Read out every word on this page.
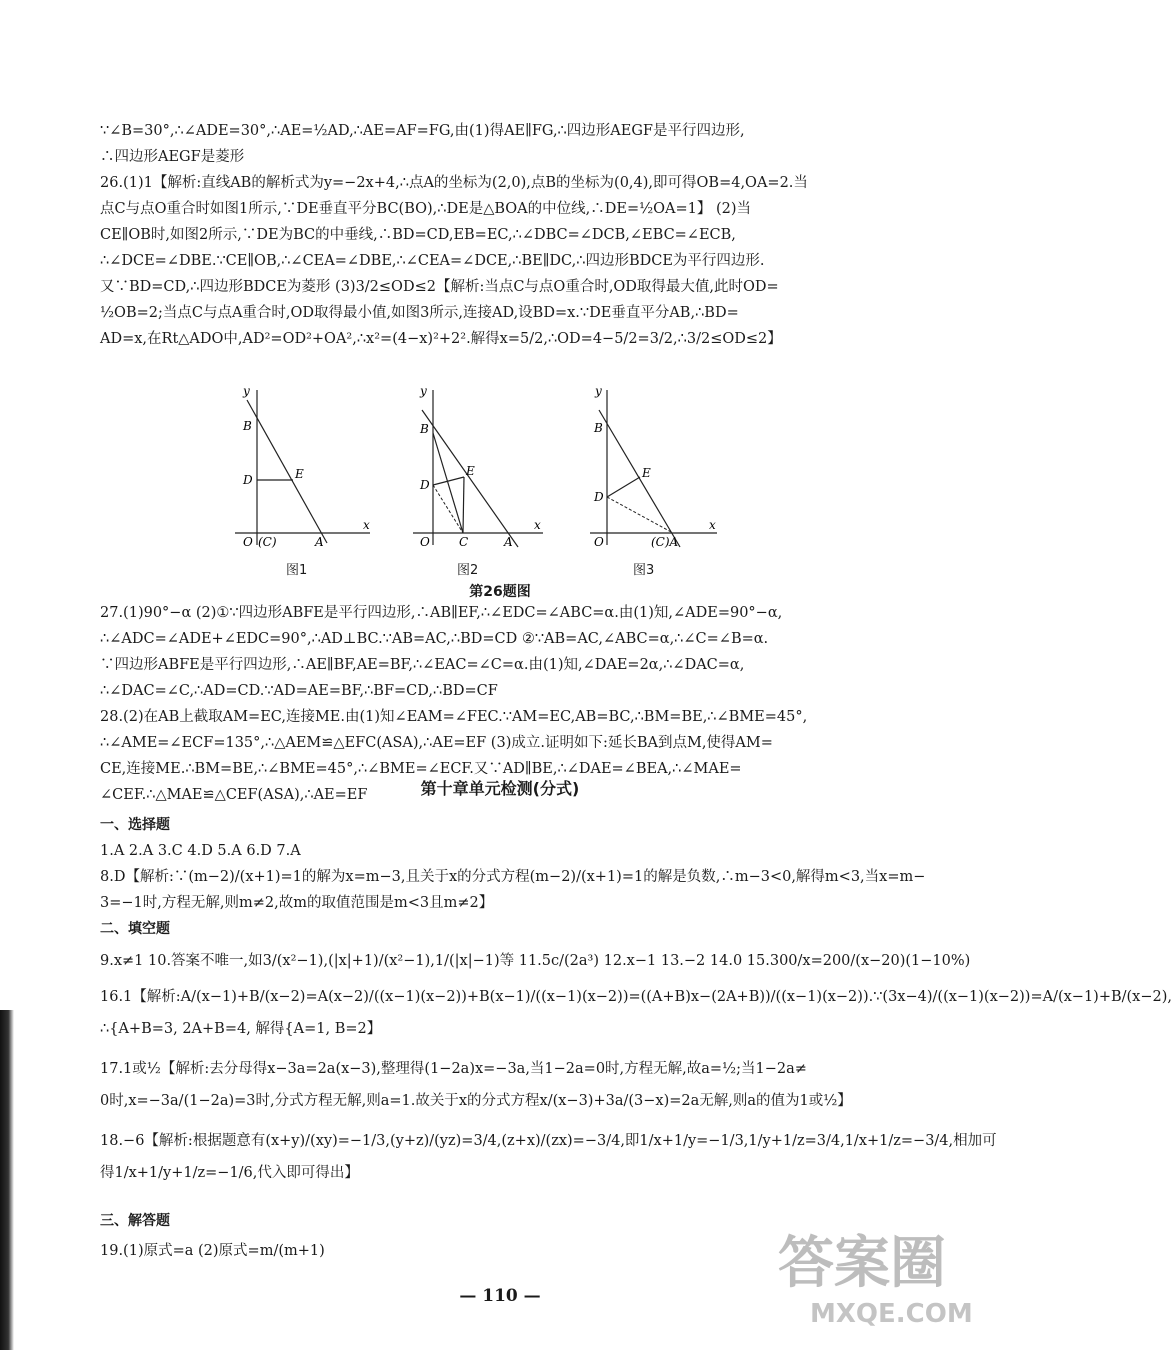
∵∠B=30°,∴∠ADE=30°,∴AE=½AD,∴AE=AF=FG,由(1)得AE∥FG,∴四边形AEGF是平行四边形,
∴四边形AEGF是菱形
26.(1)1【解析:直线AB的解析式为y=−2x+4,∴点A的坐标为(2,0),点B的坐标为(0,4),即可得OB=4,OA=2.当
点C与点O重合时如图1所示,∵DE垂直平分BC(BO),∴DE是△BOA的中位线,∴DE=½OA=1】 (2)当
CE∥OB时,如图2所示,∵DE为BC的中垂线,∴BD=CD,EB=EC,∴∠DBC=∠DCB,∠EBC=∠ECB,
∴∠DCE=∠DBE.∵CE∥OB,∴∠CEA=∠DBE,∴∠CEA=∠DCE,∴BE∥DC,∴四边形BDCE为平行四边形.
又∵BD=CD,∴四边形BDCE为菱形 (3)3/2≤OD≤2【解析:当点C与点O重合时,OD取得最大值,此时OD=
½OB=2;当点C与点A重合时,OD取得最小值,如图3所示,连接AD,设BD=x.∵DE垂直平分AB,∴BD=
AD=x,在Rt△ADO中,AD²=OD²+OA²,∴x²=(4−x)²+2².解得x=5/2,∴OD=4−5/2=3/2,∴3/2≤OD≤2】
y
x
B
D	E
O (C)	A
图1
y
x
B
D
E
O C	A
图2
y
x
B
D
E
O	(C)A
图3
第26题图
27.(1)90°−α (2)①∵四边形ABFE是平行四边形,∴AB∥EF,∴∠EDC=∠ABC=α.由(1)知,∠ADE=90°−α,
∴∠ADC=∠ADE+∠EDC=90°,∴AD⊥BC.∵AB=AC,∴BD=CD ②∵AB=AC,∠ABC=α,∴∠C=∠B=α.
∵四边形ABFE是平行四边形,∴AE∥BF,AE=BF,∴∠EAC=∠C=α.由(1)知,∠DAE=2α,∴∠DAC=α,
∴∠DAC=∠C,∴AD=CD.∵AD=AE=BF,∴BF=CD,∴BD=CF
28.(2)在AB上截取AM=EC,连接ME.由(1)知∠EAM=∠FEC.∵AM=EC,AB=BC,∴BM=BE,∴∠BME=45°,
∴∠AME=∠ECF=135°,∴△AEM≌△EFC(ASA),∴AE=EF (3)成立.证明如下:延长BA到点M,使得AM=
CE,连接ME.∴BM=BE,∴∠BME=45°,∴∠BME=∠ECF.又∵AD∥BE,∴∠DAE=∠BEA,∴∠MAE=
∠CEF.∴△MAE≌△CEF(ASA),∴AE=EF	第十章单元检测(分式)
一、选择题
1.A 2.A 3.C 4.D 5.A 6.D 7.A
8.D【解析:∵(m−2)/(x+1)=1的解为x=m−3,且关于x的分式方程(m−2)/(x+1)=1的解是负数,∴m−3<0,解得m<3,当x=m−
3=−1时,方程无解,则m≠2,故m的取值范围是m<3且m≠2】
二、填空题
9.x≠1 10.答案不唯一,如3/(x²−1),(|x|+1)/(x²−1),1/(|x|−1)等 11.5c/(2a³) 12.x−1 13.−2 14.0 15.300/x=200/(x−20)(1−10%)
16.1【解析:A/(x−1)+B/(x−2)=A(x−2)/((x−1)(x−2))+B(x−1)/((x−1)(x−2))=((A+B)x−(2A+B))/((x−1)(x−2)).∵(3x−4)/((x−1)(x−2))=A/(x−1)+B/(x−2),
∴{A+B=3, 2A+B=4, 解得{A=1, B=2】
17.1或½【解析:去分母得x−3a=2a(x−3),整理得(1−2a)x=−3a,当1−2a=0时,方程无解,故a=½;当1−2a≠
0时,x=−3a/(1−2a)=3时,分式方程无解,则a=1.故关于x的分式方程x/(x−3)+3a/(3−x)=2a无解,则a的值为1或½】
18.−6【解析:根据题意有(x+y)/(xy)=−1/3,(y+z)/(yz)=3/4,(z+x)/(zx)=−3/4,即1/x+1/y=−1/3,1/y+1/z=3/4,1/x+1/z=−3/4,相加可
得1/x+1/y+1/z=−1/6,代入即可得出】
三、解答题
19.(1)原式=a (2)原式=m/(m+1)
— 110 —	答案圈
MXQE.COM
